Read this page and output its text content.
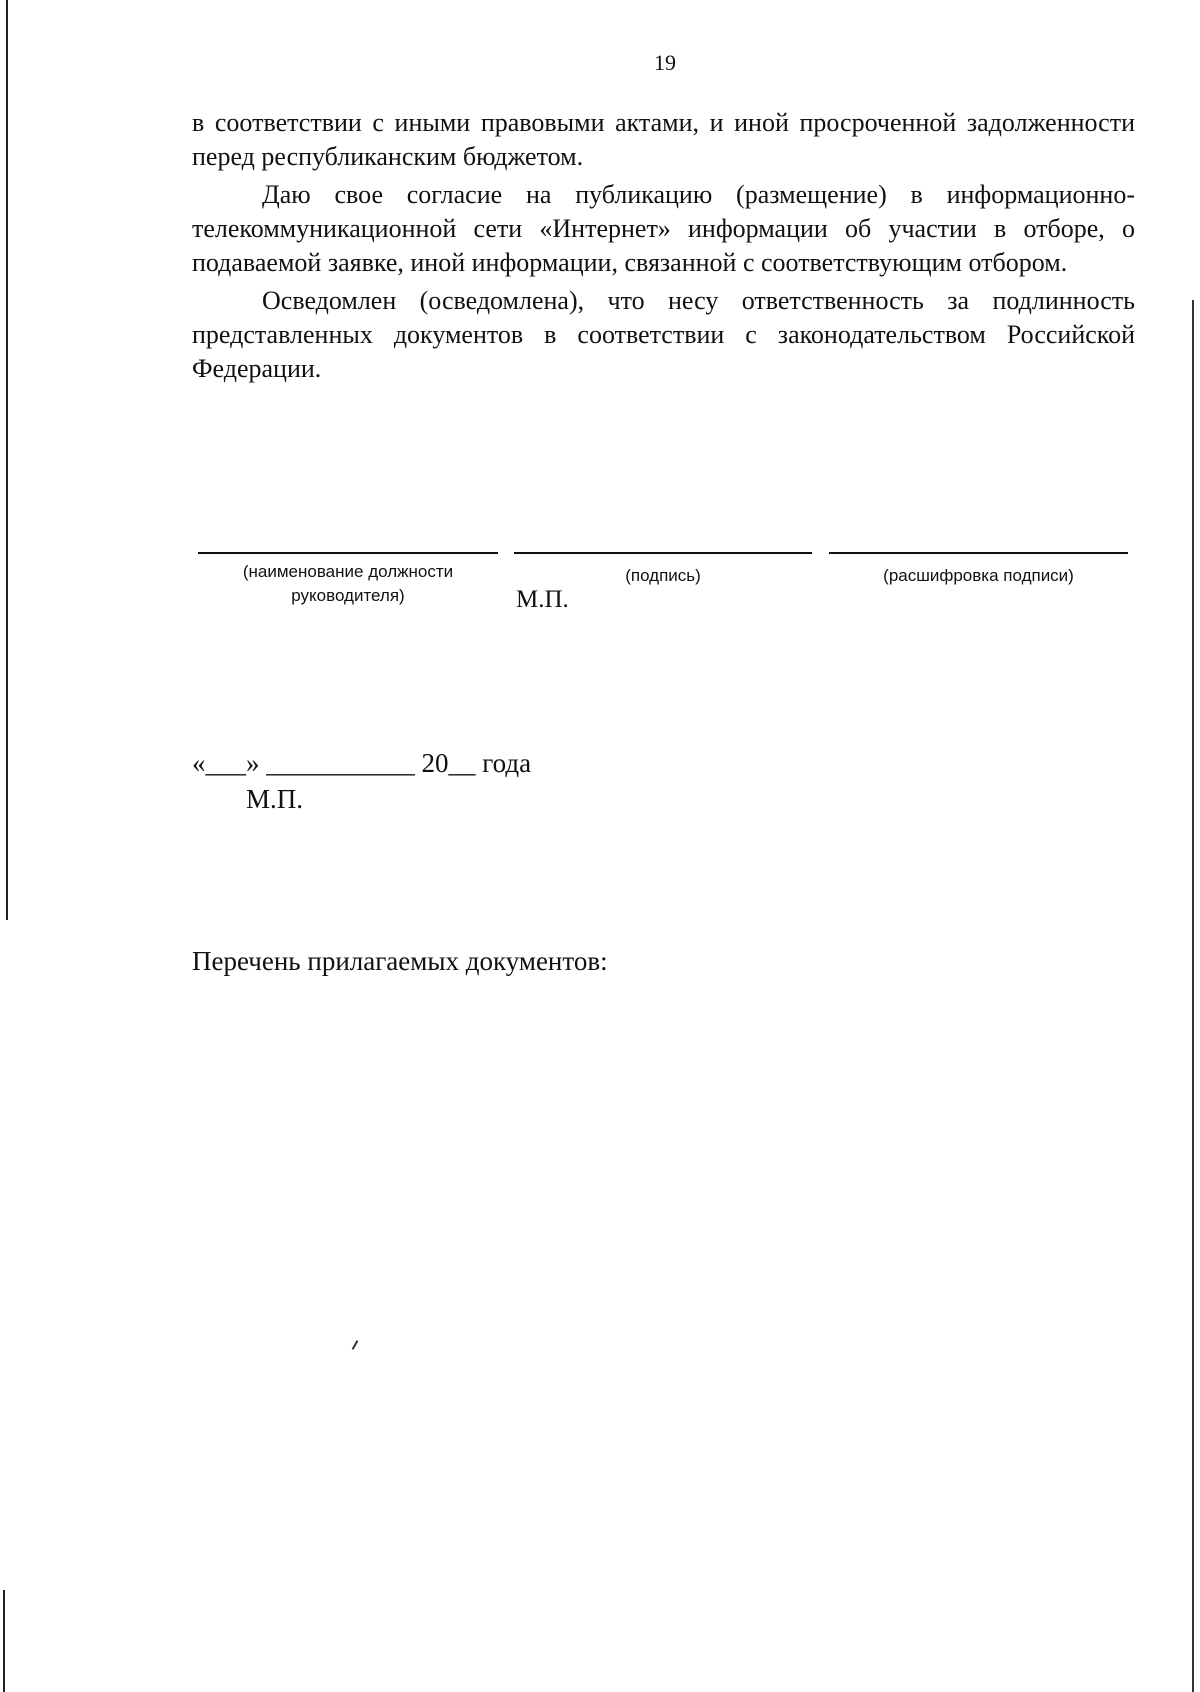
19

в соответствии с иными правовыми актами, и иной просроченной задолженности перед республиканским бюджетом.

Даю свое согласие на публикацию (размещение) в информационно-телекоммуникационной сети «Интернет» информации об участии в отборе, о подаваемой заявке, иной информации, связанной с соответствующим отбором.

Осведомлен (осведомлена), что несу ответственность за подлинность представленных документов в соответствии с законодательством Российской Федерации.

(наименование должности
руководителя)
(подпись)	(расшифровка подписи)
М.П.
«___» ___________ 20__ года
М.П.
Перечень прилагаемых документов:
